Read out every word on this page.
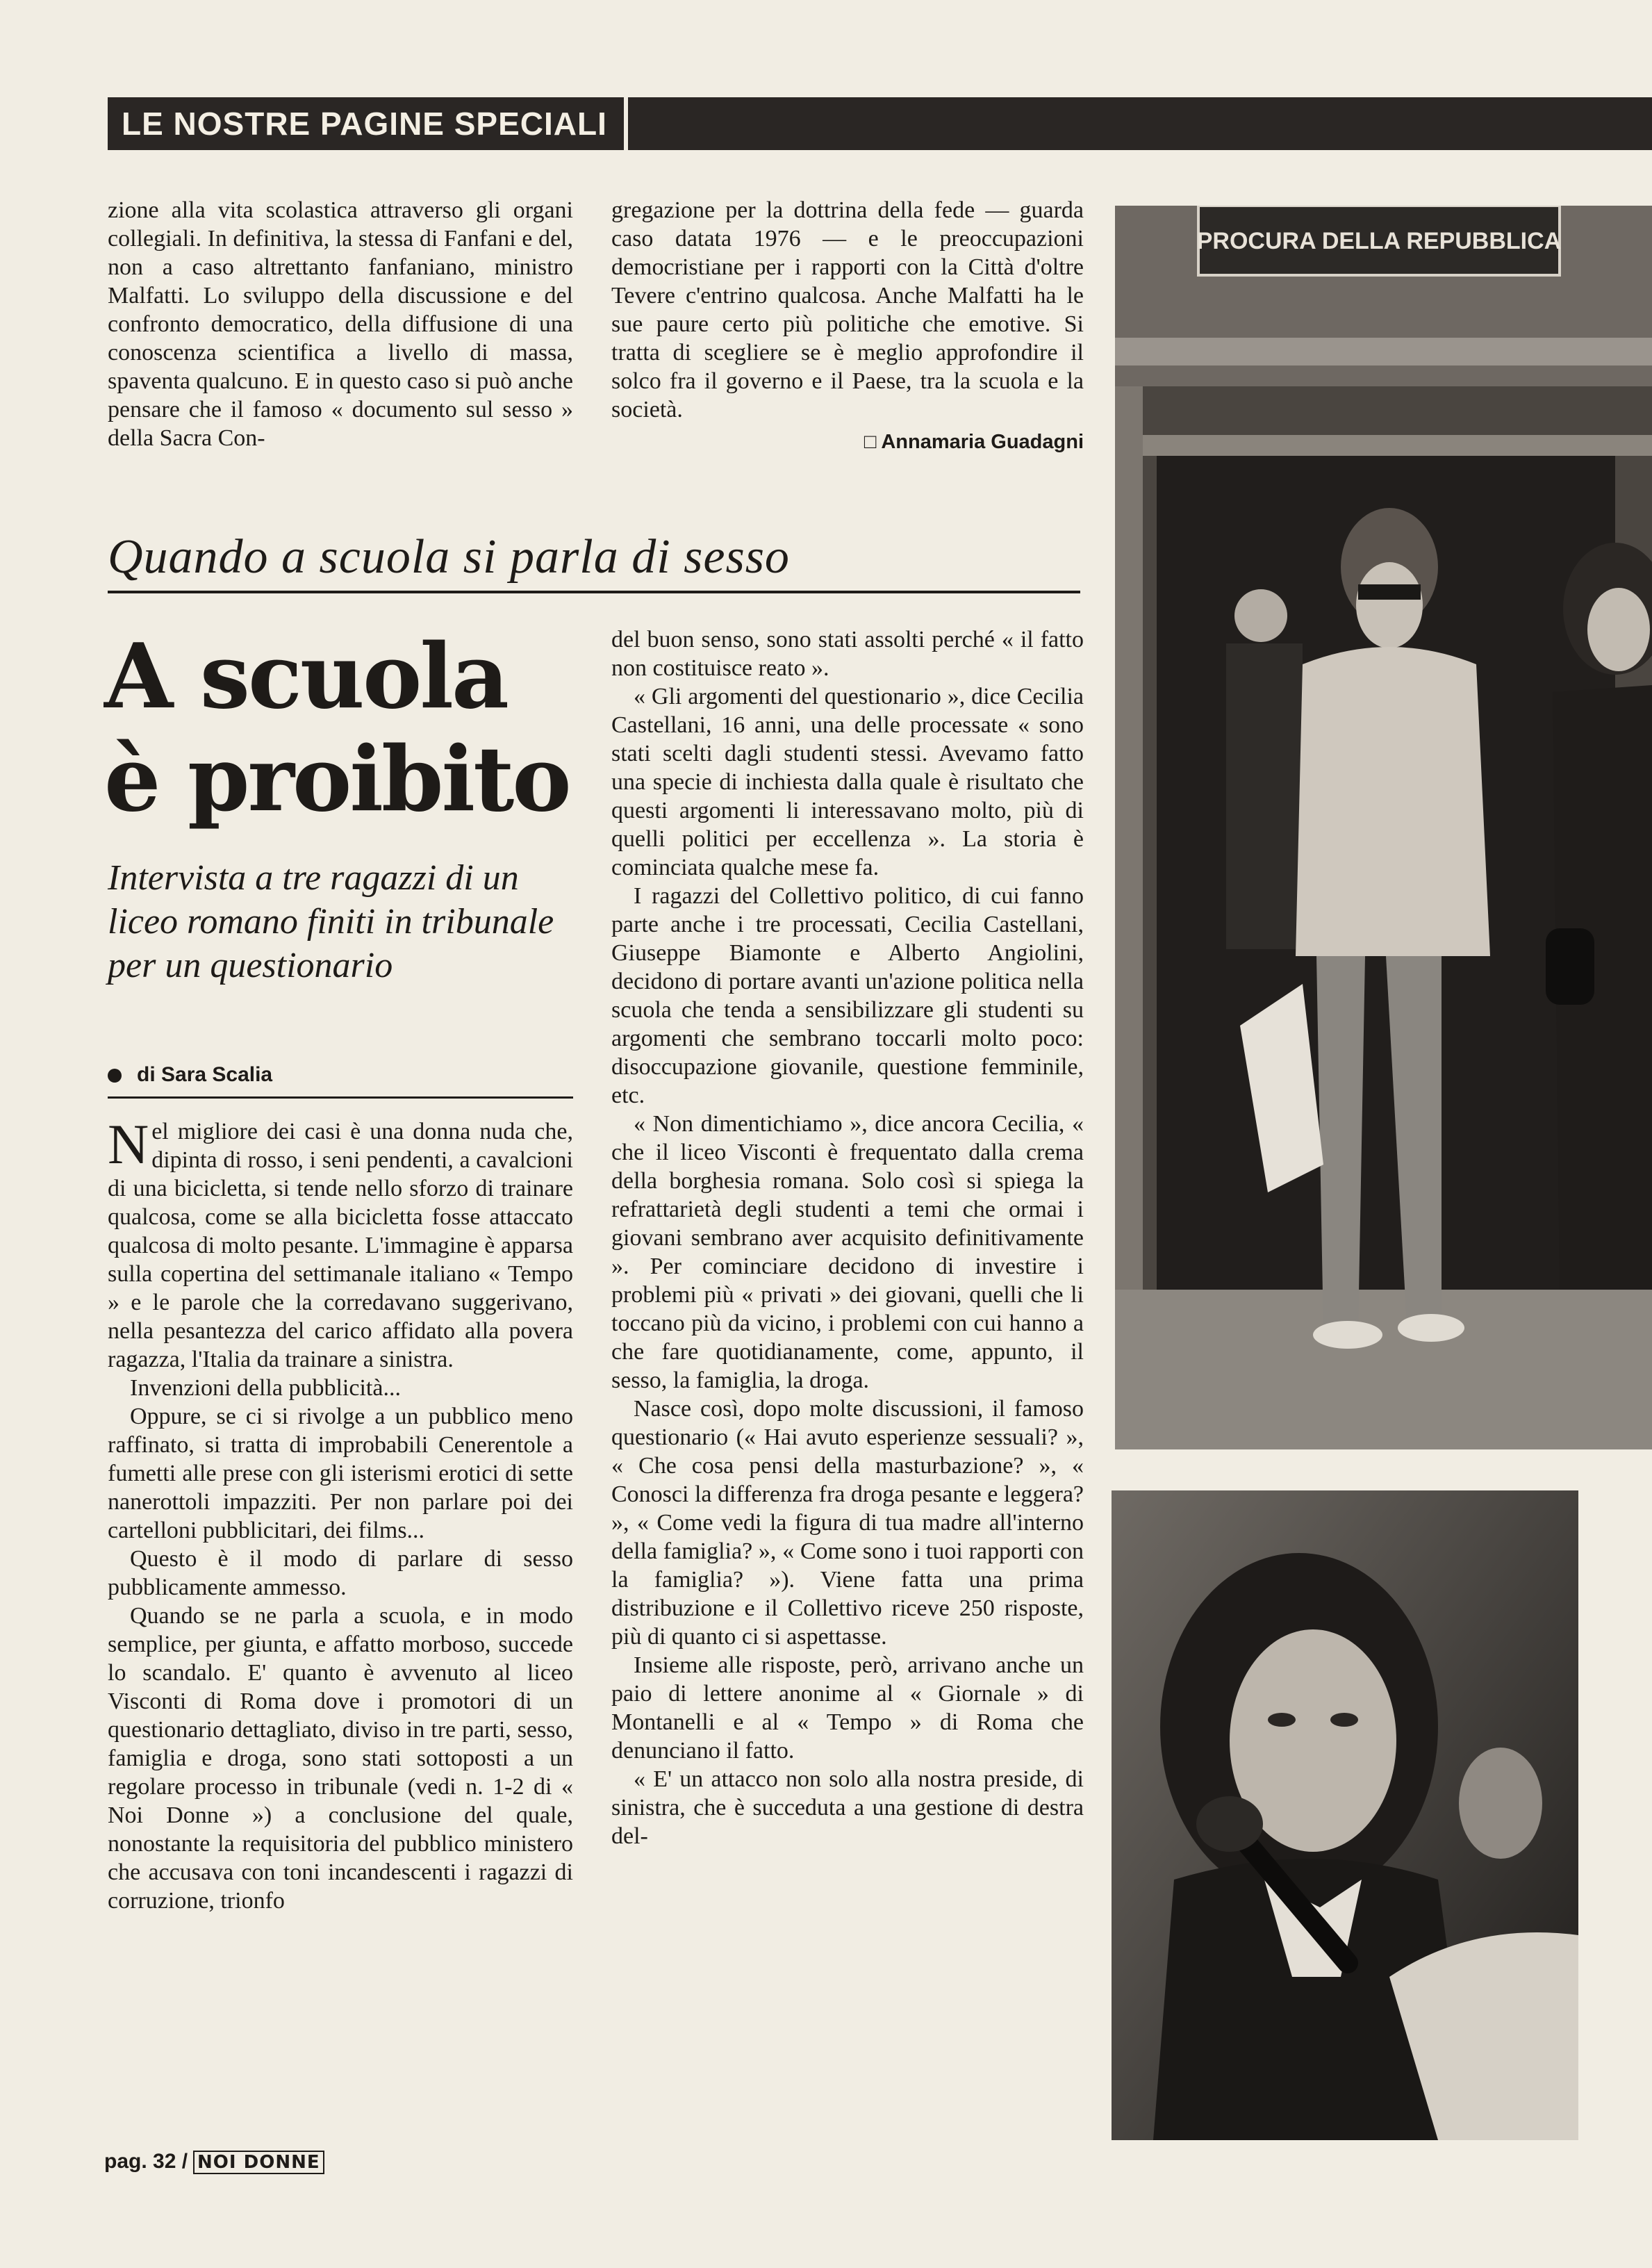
LE NOSTRE PAGINE SPECIALI

zione alla vita scolastica attraverso gli organi collegiali. In definitiva, la stessa di Fanfani e del, non a caso altrettanto fanfaniano, ministro Malfatti. Lo sviluppo della discussione e del confronto democratico, della diffusione di una conoscenza scientifica a livello di massa, spaventa qualcuno. E in questo caso si può anche pensare che il famoso « documento sul sesso » della Sacra Con-

gregazione per la dottrina della fede — guarda caso datata 1976 — e le preoccupazioni democristiane per i rapporti con la Città d'oltre Tevere c'entrino qualcosa. Anche Malfatti ha le sue paure certo più politiche che emotive. Si tratta di scegliere se è meglio approfondire il solco fra il governo e il Paese, tra la scuola e la società.

□ Annamaria Guadagni
Quando a scuola si parla di sesso
A scuola
è proibito
Intervista a tre ragazzi di un liceo romano finiti in tribunale per un questionario
di Sara Scalia

Nel migliore dei casi è una donna nuda che, dipinta di rosso, i seni pendenti, a cavalcioni di una bicicletta, si tende nello sforzo di trainare qualcosa, come se alla bicicletta fosse attaccato qualcosa di molto pesante. L'immagine è apparsa sulla copertina del settimanale italiano « Tempo » e le parole che la corredavano suggerivano, nella pesantezza del carico affidato alla povera ragazza, l'Italia da trainare a sinistra.

Invenzioni della pubblicità...

Oppure, se ci si rivolge a un pubblico meno raffinato, si tratta di improbabili Cenerentole a fumetti alle prese con gli isterismi erotici di sette nanerottoli impazziti. Per non parlare poi dei cartelloni pubblicitari, dei films...

Questo è il modo di parlare di sesso pubblicamente ammesso.

Quando se ne parla a scuola, e in modo semplice, per giunta, e affatto morboso, succede lo scandalo. E' quanto è avvenuto al liceo Visconti di Roma dove i promotori di un questionario dettagliato, diviso in tre parti, sesso, famiglia e droga, sono stati sottoposti a un regolare processo in tribunale (vedi n. 1-2 di « Noi Donne ») a conclusione del quale, nonostante la requisitoria del pubblico ministero che accusava con toni incandescenti i ragazzi di corruzione, trionfo

del buon senso, sono stati assolti perché « il fatto non costituisce reato ».

« Gli argomenti del questionario », dice Cecilia Castellani, 16 anni, una delle processate « sono stati scelti dagli studenti stessi. Avevamo fatto una specie di inchiesta dalla quale è risultato che questi argomenti li interessavano molto, più di quelli politici per eccellenza ». La storia è cominciata qualche mese fa.

I ragazzi del Collettivo politico, di cui fanno parte anche i tre processati, Cecilia Castellani, Giuseppe Biamonte e Alberto Angiolini, decidono di portare avanti un'azione politica nella scuola che tenda a sensibilizzare gli studenti su argomenti che sembrano toccarli molto poco: disoccupazione giovanile, questione femminile, etc.

« Non dimentichiamo », dice ancora Cecilia, « che il liceo Visconti è frequentato dalla crema della borghesia romana. Solo così si spiega la refrattarietà degli studenti a temi che ormai i giovani sembrano aver acquisito definitivamente ». Per cominciare decidono di investire i problemi più « privati » dei giovani, quelli che li toccano più da vicino, i problemi con cui hanno a che fare quotidianamente, come, appunto, il sesso, la famiglia, la droga.

Nasce così, dopo molte discussioni, il famoso questionario (« Hai avuto esperienze sessuali? », « Che cosa pensi della masturbazione? », « Conosci la differenza fra droga pesante e leggera? », « Come vedi la figura di tua madre all'interno della famiglia? », « Come sono i tuoi rapporti con la famiglia? »). Viene fatta una prima distribuzione e il Collettivo riceve 250 risposte, più di quanto ci si aspettasse.

Insieme alle risposte, però, arrivano anche un paio di lettere anonime al « Giornale » di Montanelli e al « Tempo » di Roma che denunciano il fatto.

« E' un attacco non solo alla nostra preside, di sinistra, che è succeduta a una gestione di destra del-

PROCURA DELLA REPUBBLICA
pag. 32 / NOI DONNE
